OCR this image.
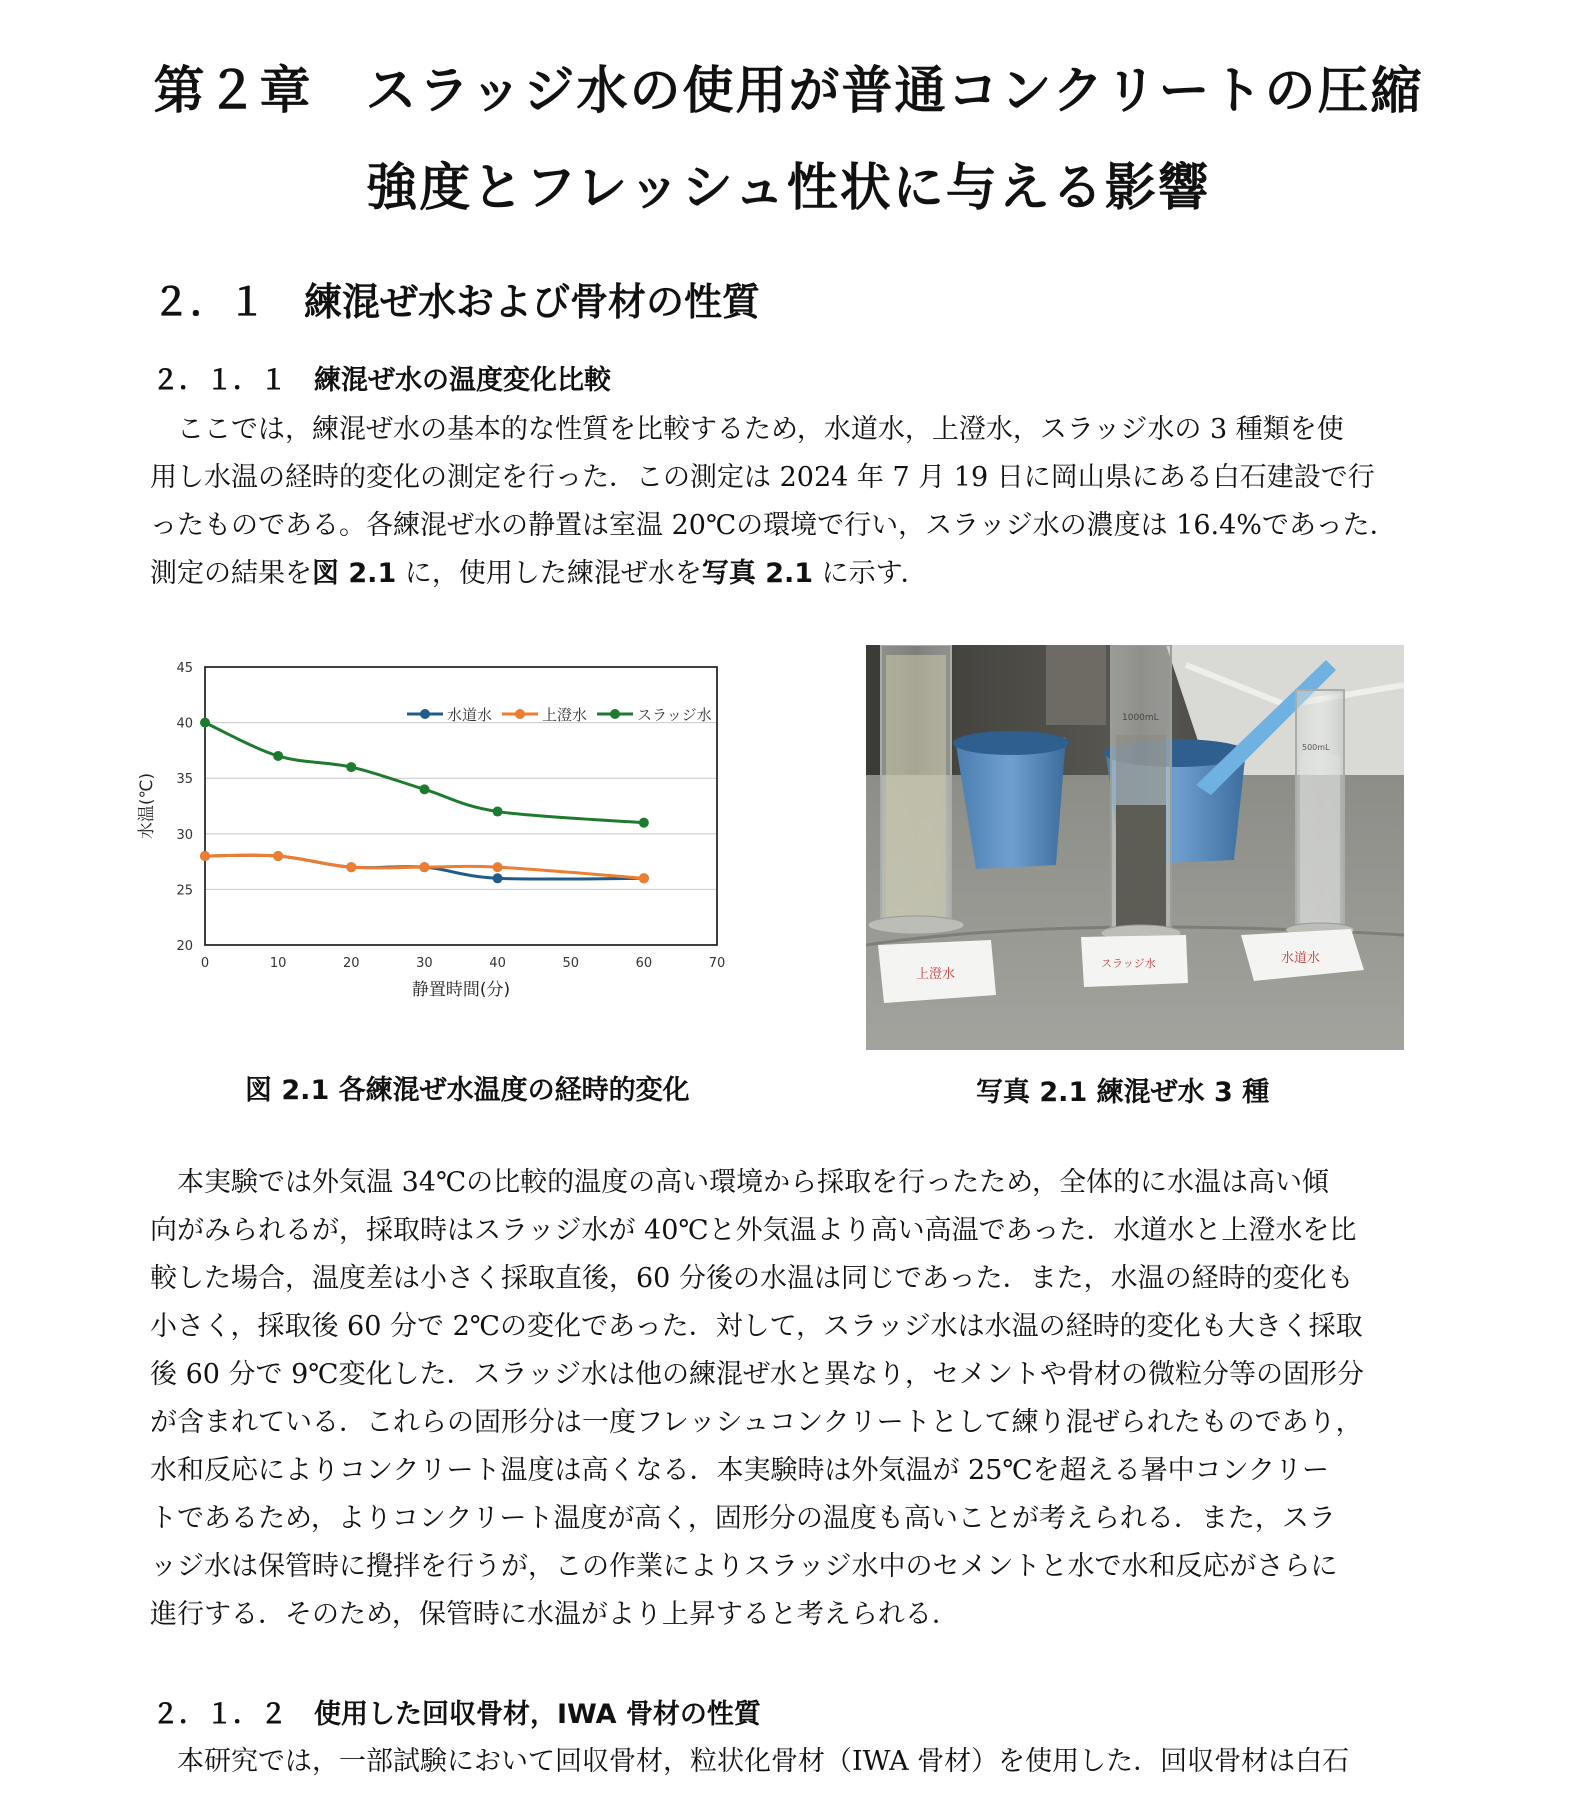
第２章　スラッジ水の使用が普通コンクリートの圧縮
強度とフレッシュ性状に与える影響
２．１　練混ぜ水および骨材の性質
２．１．１　練混ぜ水の温度変化比較
　ここでは，練混ぜ水の基本的な性質を比較するため，水道水，上澄水，スラッジ水の 3 種類を使
用し水温の経時的変化の測定を行った．この測定は 2024 年 7 月 19 日に岡山県にある白石建設で行
ったものである。各練混ぜ水の静置は室温 20℃の環境で行い，スラッジ水の濃度は 16.4%であった．
測定の結果を図 2.1 に，使用した練混ぜ水を写真 2.1 に示す．
20
25
30
35
40
45
0	10	20	30	40	50	60	70
水道水	上澄水	スラッジ水
静置時間(分)
水温(℃)
図 2.1 各練混ぜ水温度の経時的変化
1000mL
500mL
上澄水
スラッジ水	水道水
写真 2.1 練混ぜ水 3 種
　本実験では外気温 34℃の比較的温度の高い環境から採取を行ったため，全体的に水温は高い傾
向がみられるが，採取時はスラッジ水が 40℃と外気温より高い高温であった．水道水と上澄水を比
較した場合，温度差は小さく採取直後，60 分後の水温は同じであった．また，水温の経時的変化も
小さく，採取後 60 分で 2℃の変化であった．対して，スラッジ水は水温の経時的変化も大きく採取
後 60 分で 9℃変化した．スラッジ水は他の練混ぜ水と異なり，セメントや骨材の微粒分等の固形分
が含まれている．これらの固形分は一度フレッシュコンクリートとして練り混ぜられたものであり，
水和反応によりコンクリート温度は高くなる．本実験時は外気温が 25℃を超える暑中コンクリー
トであるため，よりコンクリート温度が高く，固形分の温度も高いことが考えられる．また，スラ
ッジ水は保管時に攪拌を行うが，この作業によりスラッジ水中のセメントと水で水和反応がさらに
進行する．そのため，保管時に水温がより上昇すると考えられる．
２．１．２　使用した回収骨材，IWA 骨材の性質
　本研究では，一部試験において回収骨材，粒状化骨材（IWA 骨材）を使用した．回収骨材は白石
